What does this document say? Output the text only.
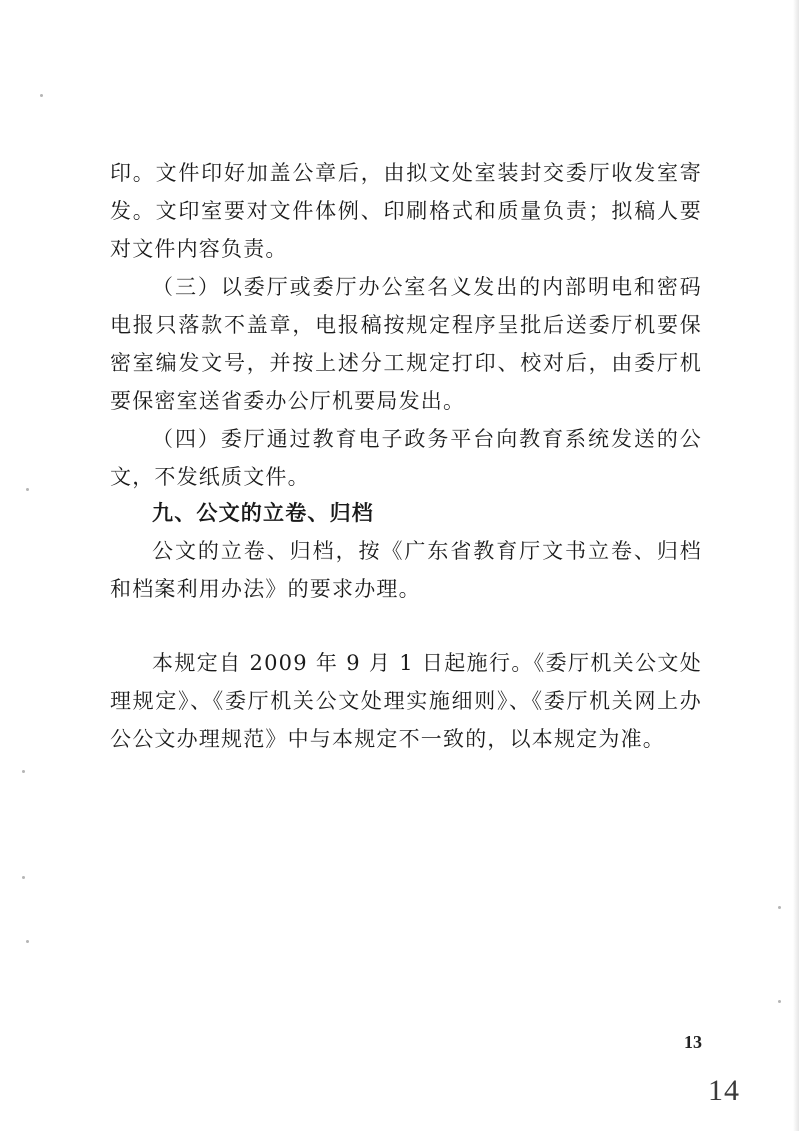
印。文件印好加盖公章后，由拟文处室装封交委厅收发室寄发。文印室要对文件体例、印刷格式和质量负责；拟稿人要对文件内容负责。

（三）以委厅或委厅办公室名义发出的内部明电和密码电报只落款不盖章，电报稿按规定程序呈批后送委厅机要保密室编发文号，并按上述分工规定打印、校对后，由委厅机要保密室送省委办公厅机要局发出。

（四）委厅通过教育电子政务平台向教育系统发送的公文，不发纸质文件。

九、公文的立卷、归档

公文的立卷、归档，按《广东省教育厅文书立卷、归档和档案利用办法》的要求办理。

本规定自 2009 年 9 月 1 日起施行。《委厅机关公文处理规定》、《委厅机关公文处理实施细则》、《委厅机关网上办公公文办理规范》中与本规定不一致的，以本规定为准。

13
14
